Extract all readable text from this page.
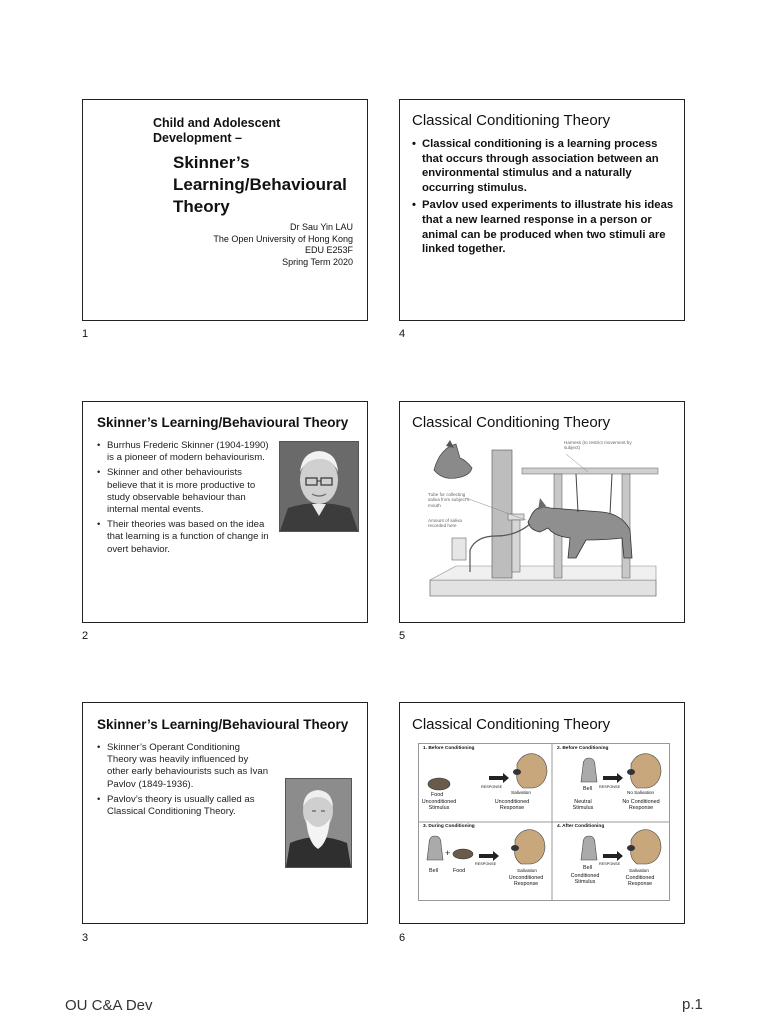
Child and Adolescent
Development –
Skinner’s
Learning/Behavioural
Theory
Dr Sau Yin LAU
The Open University of Hong Kong
EDU E253F
Spring Term 2020
1
Classical Conditioning Theory
• Classical conditioning is a learning process that occurs through association between an environmental stimulus and a naturally occurring stimulus.
• Pavlov used experiments to illustrate his ideas that a new learned response in a person or animal can be produced when two stimuli are linked together.
4
Skinner’s Learning/Behavioural Theory
• Burrhus Frederic Skinner (1904-1990) is a pioneer of modern behaviourism.
• Skinner and other behaviourists believe that it is more productive to study observable behaviour than internal mental events.
• Their theories was based on the idea that learning is a function of change in overt behavior.
2
Classical Conditioning Theory
Harness (to restrict movement by subject)
Tube for collecting saliva from subject’s mouth
Amount of saliva recorded here
5
Skinner’s Learning/Behavioural Theory
• Skinner’s Operant Conditioning Theory was heavily influenced by other early behaviourists such as Ivan Pavlov (1849-1936).
• Pavlov’s theory is usually called as Classical Conditioning Theory.
3
Classical Conditioning Theory
+
1. Before Conditioning
RESPONSE
Food
Unconditioned Stimulus
Salivation
Unconditioned Response
2. Before Conditioning
RESPONSE
Bell
Neutral Stimulus
No Salivation
No Conditioned Response
3. During Conditioning
RESPONSE
Bell	Food	Salivation
Unconditioned Response
4. After Conditioning
RESPONSE
Bell
Conditioned Stimulus
Salivation
Conditioned Response
6
OU C&A Dev	p.1
